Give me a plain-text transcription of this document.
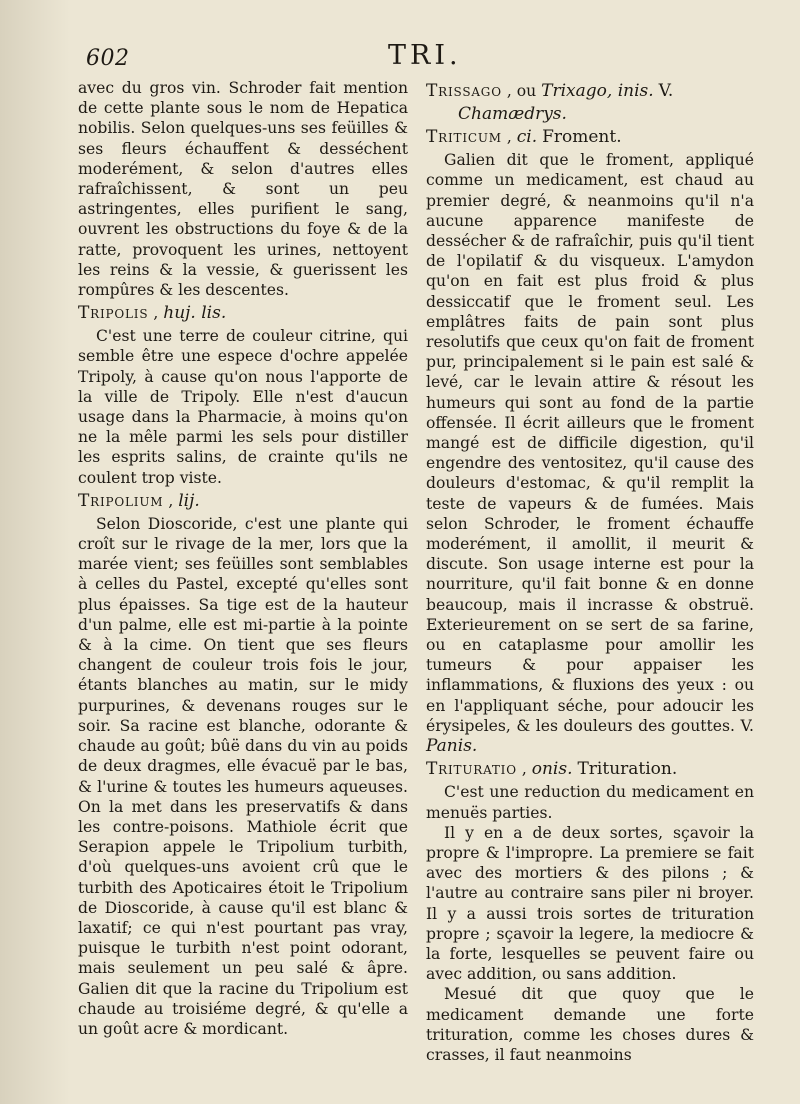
602	TRI.

avec du gros vin. Schroder fait mention de cette plante sous le nom de Hepatica nobilis. Selon quelques-uns ses feüilles & ses fleurs échauffent & desséchent moderément, & selon d'autres elles rafraîchissent, & sont un peu astringentes, elles purifient le sang, ouvrent les obstructions du foye & de la ratte, provoquent les urines, nettoyent les reins & la vessie, & guerissent les rompûres & les descentes.

Tripolis , huj. lis.

C'est une terre de couleur citrine, qui semble être une espece d'ochre appelée Tripoly, à cause qu'on nous l'apporte de la ville de Tripoly. Elle n'est d'aucun usage dans la Pharmacie, à moins qu'on ne la mêle parmi les sels pour distiller les esprits salins, de crainte qu'ils ne coulent trop viste.

Tripolium , lij.

Selon Dioscoride, c'est une plante qui croît sur le rivage de la mer, lors que la marée vient; ses feüilles sont semblables à celles du Pastel, excepté qu'elles sont plus épaisses. Sa tige est de la hauteur d'un palme, elle est mi-partie à la pointe & à la cime. On tient que ses fleurs changent de couleur trois fois le jour, étants blanches au matin, sur le midy purpurines, & devenans rouges sur le soir. Sa racine est blanche, odorante & chaude au goût; bûë dans du vin au poids de deux dragmes, elle évacuë par le bas, & l'urine & toutes les humeurs aqueuses. On la met dans les preservatifs & dans les contre-poisons. Mathiole écrit que Serapion appele le Tripolium turbith, d'où quelques-uns avoient crû que le turbith des Apoticaires étoit le Tripolium de Dioscoride, à cause qu'il est blanc & laxatif; ce qui n'est pourtant pas vray, puisque le turbith n'est point odorant, mais seulement un peu salé & âpre. Galien dit que la racine du Tripolium est chaude au troisiéme degré, & qu'elle a un goût acre & mordicant.

Trissago , ou Trixago, inis. V.

Chamædrys.

Triticum , ci. Froment.

Galien dit que le froment, appliqué comme un medicament, est chaud au premier degré, & neanmoins qu'il n'a aucune apparence manifeste de dessécher & de rafraîchir, puis qu'il tient de l'opilatif & du visqueux. L'amydon qu'on en fait est plus froid & plus dessiccatif que le froment seul. Les emplâtres faits de pain sont plus resolutifs que ceux qu'on fait de froment pur, principalement si le pain est salé & levé, car le levain attire & résout les humeurs qui sont au fond de la partie offensée. Il écrit ailleurs que le froment mangé est de difficile digestion, qu'il engendre des ventositez, qu'il cause des douleurs d'estomac, & qu'il remplit la teste de vapeurs & de fumées. Mais selon Schroder, le froment échauffe moderément, il amollit, il meurit & discute. Son usage interne est pour la nourriture, qu'il fait bonne & en donne beaucoup, mais il incrasse & obstruë. Exterieurement on se sert de sa farine, ou en cataplasme pour amollir les tumeurs & pour appaiser les inflammations, & fluxions des yeux : ou en l'appliquant séche, pour adoucir les érysipeles, & les douleurs des gouttes. V. Panis.

Trituratio , onis. Trituration.

C'est une reduction du medicament en menuës parties.

Il y en a de deux sortes, sçavoir la propre & l'impropre. La premiere se fait avec des mortiers & des pilons ; & l'autre au contraire sans piler ni broyer. Il y a aussi trois sortes de trituration propre ; sçavoir la legere, la mediocre & la forte, lesquelles se peuvent faire ou avec addition, ou sans addition.

Mesué dit que quoy que le medicament demande une forte trituration, comme les choses dures & crasses, il faut neanmoins
